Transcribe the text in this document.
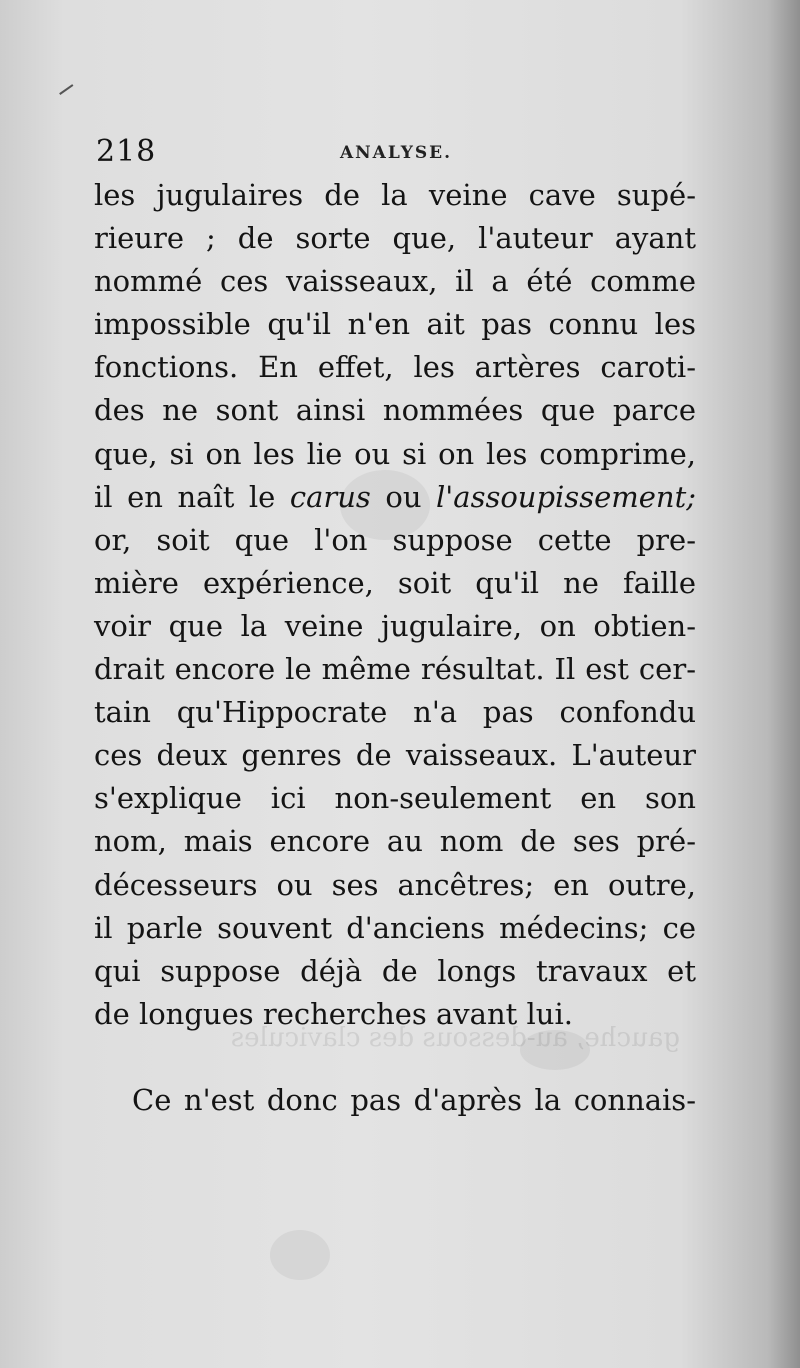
218	ANALYSE.
gauche, au-dessous des clavicules
les jugulaires de la veine cave supé-
rieure ; de sorte que, l'auteur ayant
nommé ces vaisseaux, il a été comme
impossible qu'il n'en ait pas connu les
fonctions. En effet, les artères caroti-
des ne sont ainsi nommées que parce
que, si on les lie ou si on les comprime,
il en naît le carus ou l'assoupissement;
or, soit que l'on suppose cette pre-
mière expérience, soit qu'il ne faille
voir que la veine jugulaire, on obtien-
drait encore le même résultat. Il est cer-
tain qu'Hippocrate n'a pas confondu
ces deux genres de vaisseaux. L'auteur
s'explique ici non-seulement en son
nom, mais encore au nom de ses pré-
décesseurs ou ses ancêtres; en outre,
il parle souvent d'anciens médecins; ce
qui suppose déjà de longs travaux et
de longues recherches avant lui.
Ce n'est donc pas d'après la connais-
